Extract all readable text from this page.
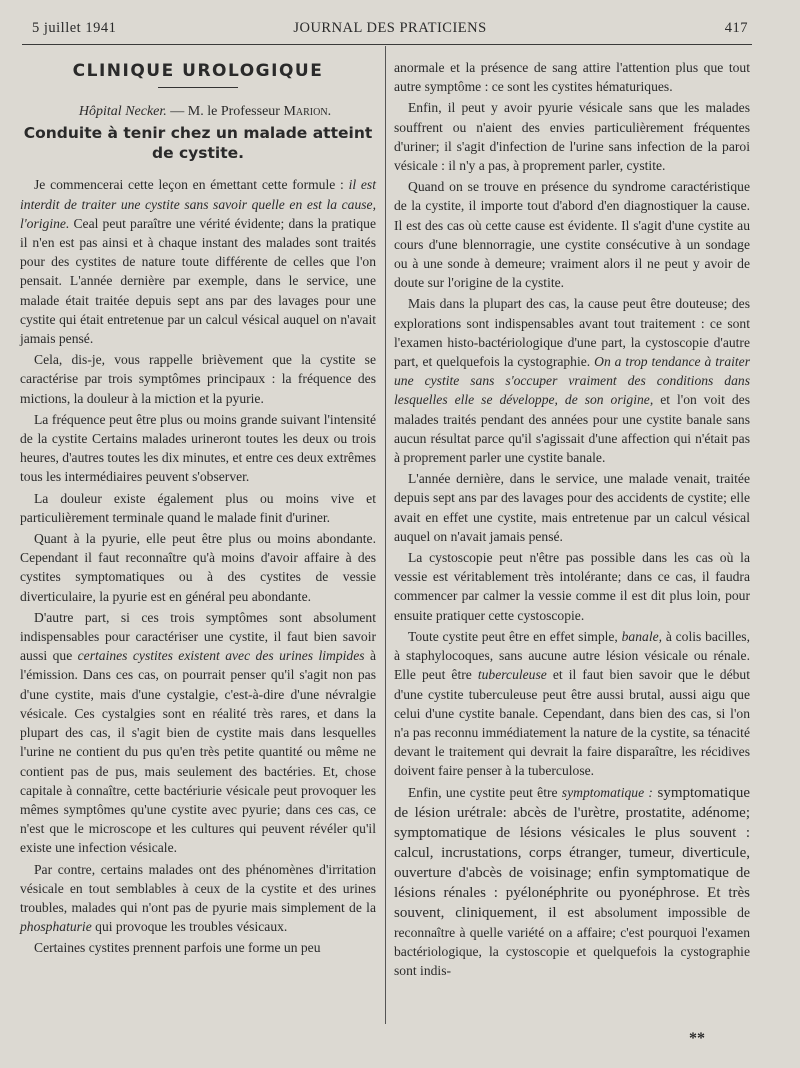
5 juillet 1941	JOURNAL DES PRATICIENS	417
CLINIQUE UROLOGIQUE

Hôpital Necker. — M. le Professeur Marion.

Conduite à tenir chez un malade atteint de cystite.

Je commencerai cette leçon en émettant cette formule : il est interdit de traiter une cystite sans savoir quelle en est la cause, l'origine. Ceal peut paraître une vérité évidente; dans la pratique il n'en est pas ainsi et à chaque instant des malades sont traités pour des cystites de nature toute différente de celles que l'on pensait. L'année dernière par exemple, dans le service, une malade était traitée depuis sept ans par des lavages pour une cystite qui était entretenue par un calcul vésical auquel on n'avait jamais pensé.

Cela, dis-je, vous rappelle brièvement que la cystite se caractérise par trois symptômes principaux : la fréquence des mictions, la douleur à la miction et la pyurie.

La fréquence peut être plus ou moins grande suivant l'intensité de la cystite Certains malades urineront toutes les deux ou trois heures, d'autres toutes les dix minutes, et entre ces deux extrêmes tous les intermédiaires peuvent s'observer.

La douleur existe également plus ou moins vive et particulièrement terminale quand le malade finit d'uriner.

Quant à la pyurie, elle peut être plus ou moins abondante. Cependant il faut reconnaître qu'à moins d'avoir affaire à des cystites symptomatiques ou à des cystites de vessie diverticulaire, la pyurie est en général peu abondante.

D'autre part, si ces trois symptômes sont absolument indispensables pour caractériser une cystite, il faut bien savoir aussi que certaines cystites existent avec des urines limpides à l'émission. Dans ces cas, on pourrait penser qu'il s'agit non pas d'une cystite, mais d'une cystalgie, c'est-à-dire d'une névralgie vésicale. Ces cystalgies sont en réalité très rares, et dans la plupart des cas, il s'agit bien de cystite mais dans lesquelles l'urine ne contient du pus qu'en très petite quantité ou même ne contient pas de pus, mais seulement des bactéries. Et, chose capitale à connaître, cette bactériurie vésicale peut provoquer les mêmes symptômes qu'une cystite avec pyurie; dans ces cas, ce n'est que le microscope et les cultures qui peuvent révéler qu'il existe une infection vésicale.

Par contre, certains malades ont des phénomènes d'irritation vésicale en tout semblables à ceux de la cystite et des urines troubles, malades qui n'ont pas de pyurie mais simplement de la phosphaturie qui provoque les troubles vésicaux.

Certaines cystites prennent parfois une forme un peu

anormale et la présence de sang attire l'attention plus que tout autre symptôme : ce sont les cystites hématuriques.

Enfin, il peut y avoir pyurie vésicale sans que les malades souffrent ou n'aient des envies particulièrement fréquentes d'uriner; il s'agit d'infection de l'urine sans infection de la paroi vésicale : il n'y a pas, à proprement parler, cystite.

Quand on se trouve en présence du syndrome caractéristique de la cystite, il importe tout d'abord d'en diagnostiquer la cause. Il est des cas où cette cause est évidente. Il s'agit d'une cystite au cours d'une blennorragie, une cystite consécutive à un sondage ou à une sonde à demeure; vraiment alors il ne peut y avoir de doute sur l'origine de la cystite.

Mais dans la plupart des cas, la cause peut être douteuse; des explorations sont indispensables avant tout traitement : ce sont l'examen histo-bactériologique d'une part, la cystoscopie d'autre part, et quelquefois la cystographie. On a trop tendance à traiter une cystite sans s'occuper vraiment des conditions dans lesquelles elle se développe, de son origine, et l'on voit des malades traités pendant des années pour une cystite banale sans aucun résultat parce qu'il s'agissait d'une affection qui n'était pas à proprement parler une cystite banale.

L'année dernière, dans le service, une malade venait, traitée depuis sept ans par des lavages pour des accidents de cystite; elle avait en effet une cystite, mais entretenue par un calcul vésical auquel on n'avait jamais pensé.

La cystoscopie peut n'être pas possible dans les cas où la vessie est véritablement très intolérante; dans ce cas, il faudra commencer par calmer la vessie comme il est dit plus loin, pour ensuite pratiquer cette cystoscopie.

Toute cystite peut être en effet simple, banale, à colis bacilles, à staphylocoques, sans aucune autre lésion vésicale ou rénale. Elle peut être tuberculeuse et il faut bien savoir que le début d'une cystite tuberculeuse peut être aussi brutal, aussi aigu que celui d'une cystite banale. Cependant, dans bien des cas, si l'on n'a pas reconnu immédiatement la nature de la cystite, sa ténacité devant le traitement qui devrait la faire disparaître, les récidives doivent faire penser à la tuberculose.

Enfin, une cystite peut être symptomatique : symptomatique de lésion urétrale: abcès de l'urètre, prostatite, adénome; symptomatique de lésions vésicales le plus souvent : calcul, incrustations, corps étranger, tumeur, diverticule, ouverture d'abcès de voisinage; enfin symptomatique de lésions rénales : pyélonéphrite ou pyonéphrose. Et très souvent, cliniquement, il est absolument impossible de reconnaître à quelle variété on a affaire; c'est pourquoi l'examen bactériologique, la cystoscopie et quelquefois la cystographie sont indis-

**
